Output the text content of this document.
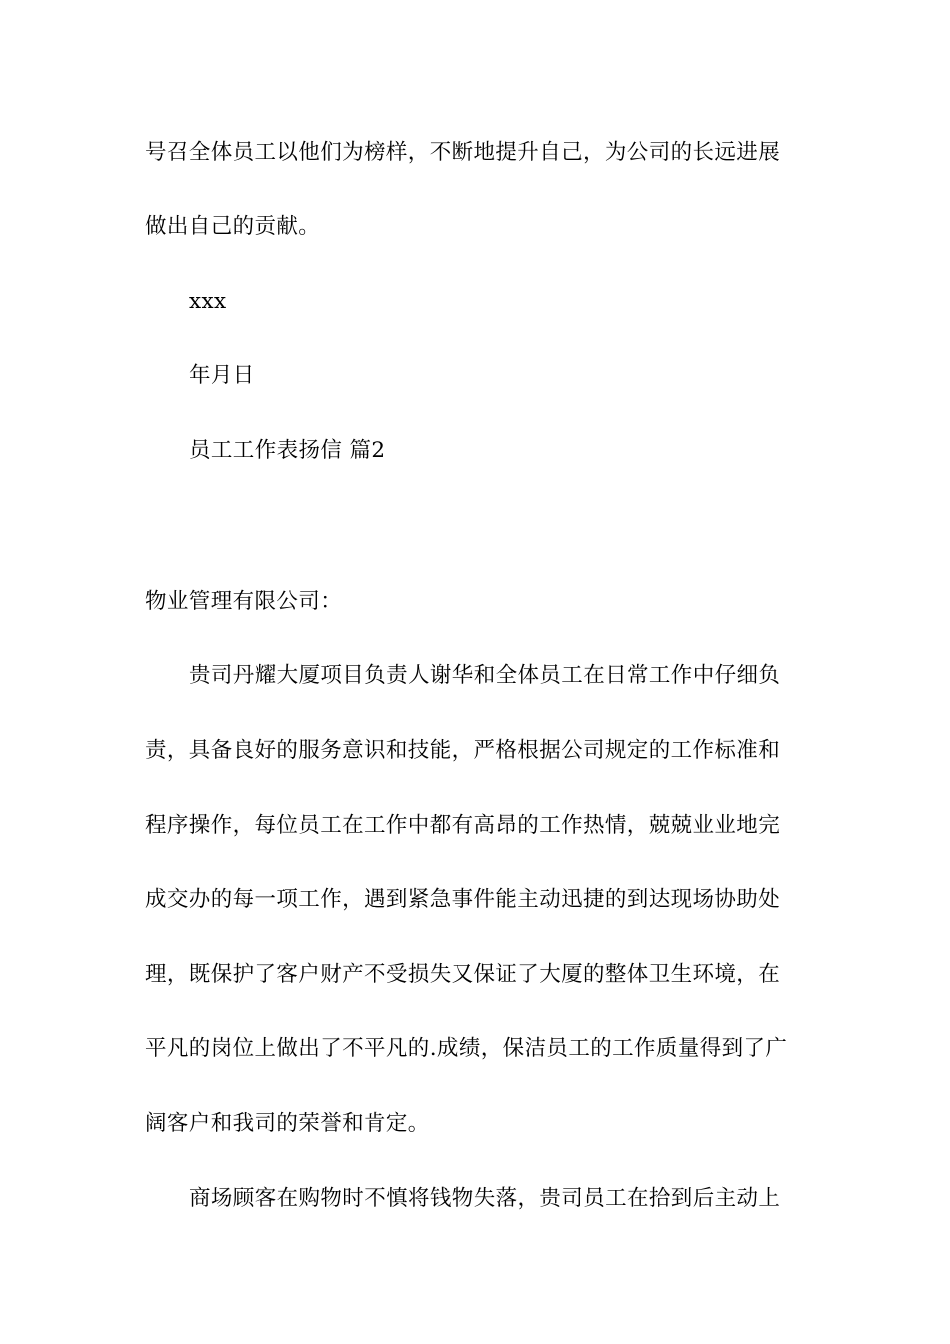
号召全体员工以他们为榜样，不断地提升自己，为公司的长远进展
做出自己的贡献。
xxx
年月日
员工工作表扬信 篇2
物业管理有限公司：
贵司丹耀大厦项目负责人谢华和全体员工在日常工作中仔细负
责，具备良好的服务意识和技能，严格根据公司规定的工作标准和
程序操作，每位员工在工作中都有高昂的工作热情，兢兢业业地完
成交办的每一项工作，遇到紧急事件能主动迅捷的到达现场协助处
理，既保护了客户财产不受损失又保证了大厦的整体卫生环境，在
平凡的岗位上做出了不平凡的.成绩，保洁员工的工作质量得到了广
阔客户和我司的荣誉和肯定。
商场顾客在购物时不慎将钱物失落，贵司员工在拾到后主动上
